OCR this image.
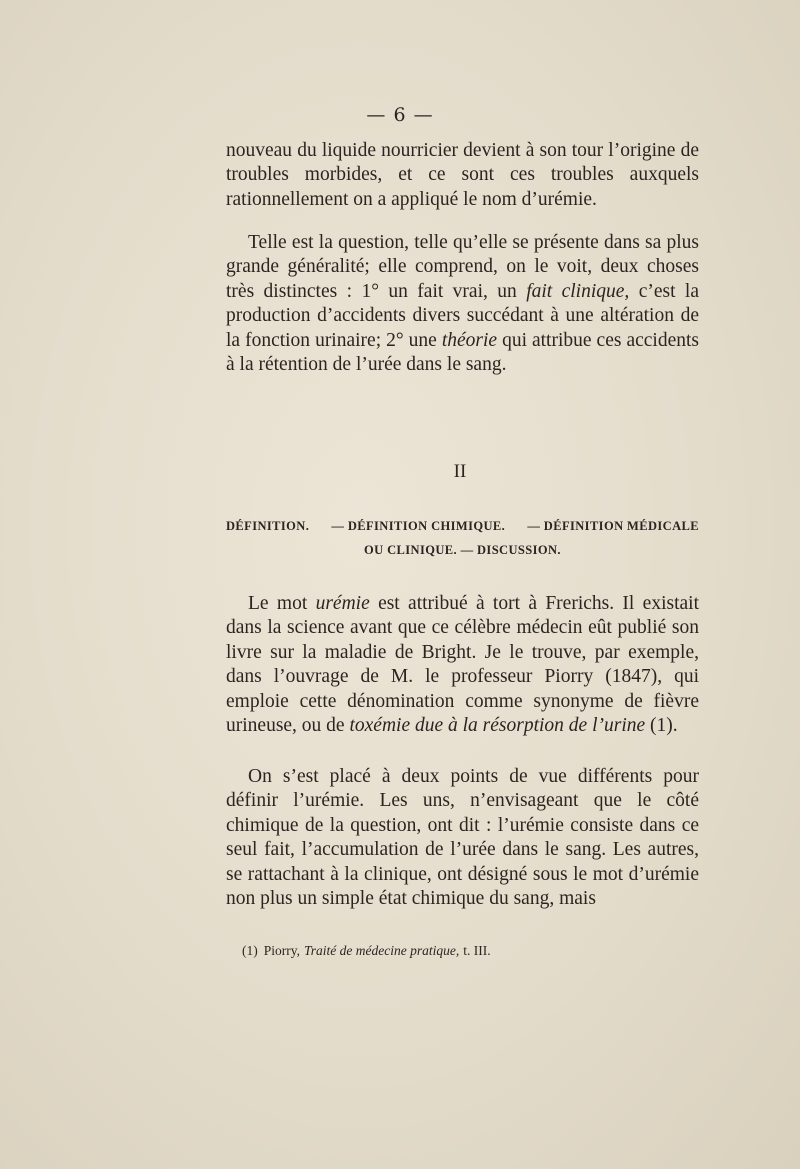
— 6 —

nouveau du liquide nourricier devient à son tour l’origine de troubles morbides, et ce sont ces troubles auxquels rationnellement on a appliqué le nom d’urémie.

Telle est la question, telle qu’elle se présente dans sa plus grande généralité; elle comprend, on le voit, deux choses très distinctes : 1° un fait vrai, un fait clinique, c’est la production d’accidents divers succédant à une altération de la fonction urinaire; 2° une théorie qui attribue ces accidents à la rétention de l’urée dans le sang.

II
DÉFINITION. — DÉFINITION CHIMIQUE. — DÉFINITION MÉDICALE
OU CLINIQUE. — DISCUSSION.

Le mot urémie est attribué à tort à Frerichs. Il existait dans la science avant que ce célèbre médecin eût publié son livre sur la maladie de Bright. Je le trouve, par exemple, dans l’ouvrage de M. le professeur Piorry (1847), qui emploie cette dénomination comme synonyme de fièvre urineuse, ou de toxémie due à la résorption de l’urine (1).

On s’est placé à deux points de vue différents pour définir l’urémie. Les uns, n’envisageant que le côté chimique de la question, ont dit : l’urémie consiste dans ce seul fait, l’accumulation de l’urée dans le sang. Les autres, se rattachant à la clinique, ont désigné sous le mot d’urémie non plus un simple état chimique du sang, mais

(1) Piorry, Traité de médecine pratique, t. III.
